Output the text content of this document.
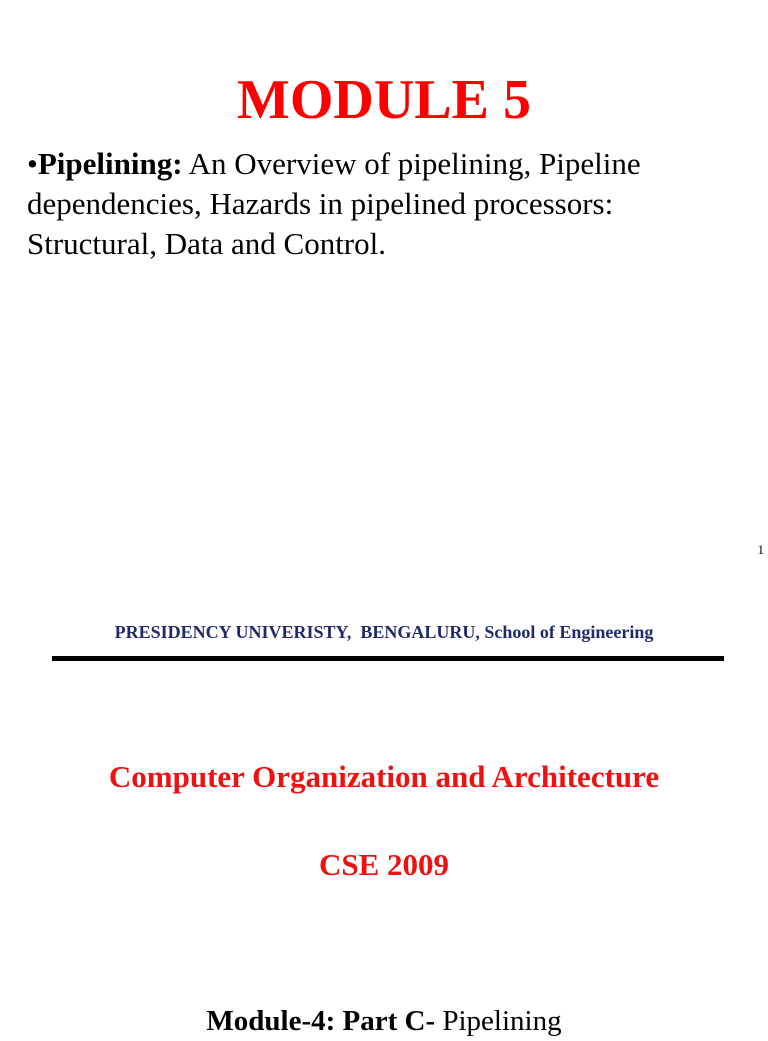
MODULE 5
•Pipelining: An Overview of pipelining, Pipeline dependencies, Hazards in pipelined processors: Structural, Data and Control.
1
PRESIDENCY UNIVERISTY,  BENGALURU, School of Engineering
Computer Organization and Architecture
CSE 2009
Module-4: Part C- Pipelining
